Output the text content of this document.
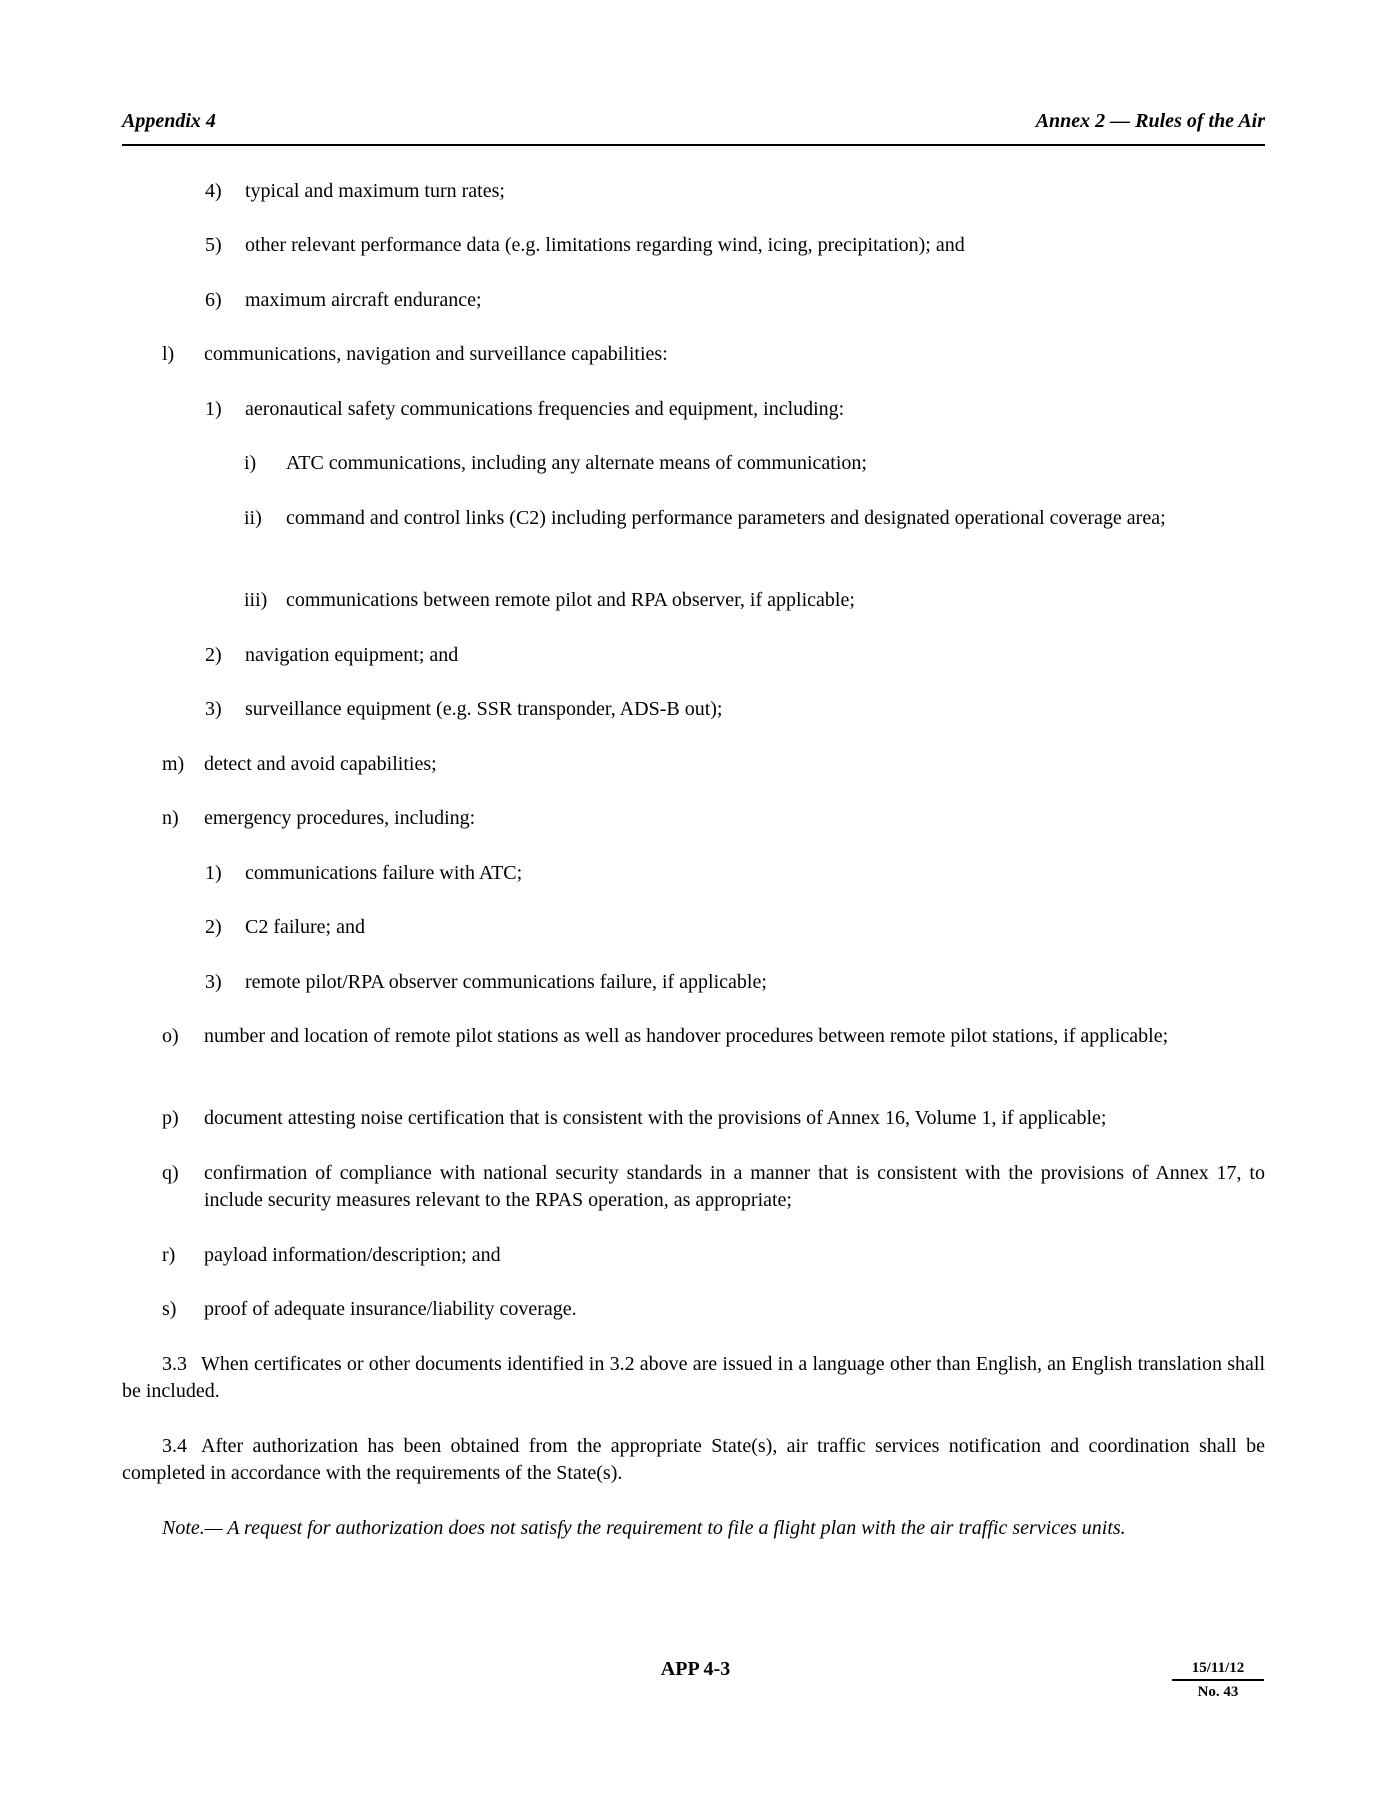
Appendix 4	Annex 2 — Rules of the Air
4) typical and maximum turn rates;
5) other relevant performance data (e.g. limitations regarding wind, icing, precipitation); and
6) maximum aircraft endurance;
l) communications, navigation and surveillance capabilities:
1) aeronautical safety communications frequencies and equipment, including:
i) ATC communications, including any alternate means of communication;
ii) command and control links (C2) including performance parameters and designated operational coverage area;
iii) communications between remote pilot and RPA observer, if applicable;
2) navigation equipment; and
3) surveillance equipment (e.g. SSR transponder, ADS-B out);
m) detect and avoid capabilities;
n) emergency procedures, including:
1) communications failure with ATC;
2) C2 failure; and
3) remote pilot/RPA observer communications failure, if applicable;
o) number and location of remote pilot stations as well as handover procedures between remote pilot stations, if applicable;
p) document attesting noise certification that is consistent with the provisions of Annex 16, Volume 1, if applicable;
q) confirmation of compliance with national security standards in a manner that is consistent with the provisions of Annex 17, to include security measures relevant to the RPAS operation, as appropriate;
r) payload information/description; and
s) proof of adequate insurance/liability coverage.
3.3 When certificates or other documents identified in 3.2 above are issued in a language other than English, an English translation shall be included.
3.4 After authorization has been obtained from the appropriate State(s), air traffic services notification and coordination shall be completed in accordance with the requirements of the State(s).
Note.— A request for authorization does not satisfy the requirement to file a flight plan with the air traffic services units.
APP 4-3	15/11/12
No. 43
